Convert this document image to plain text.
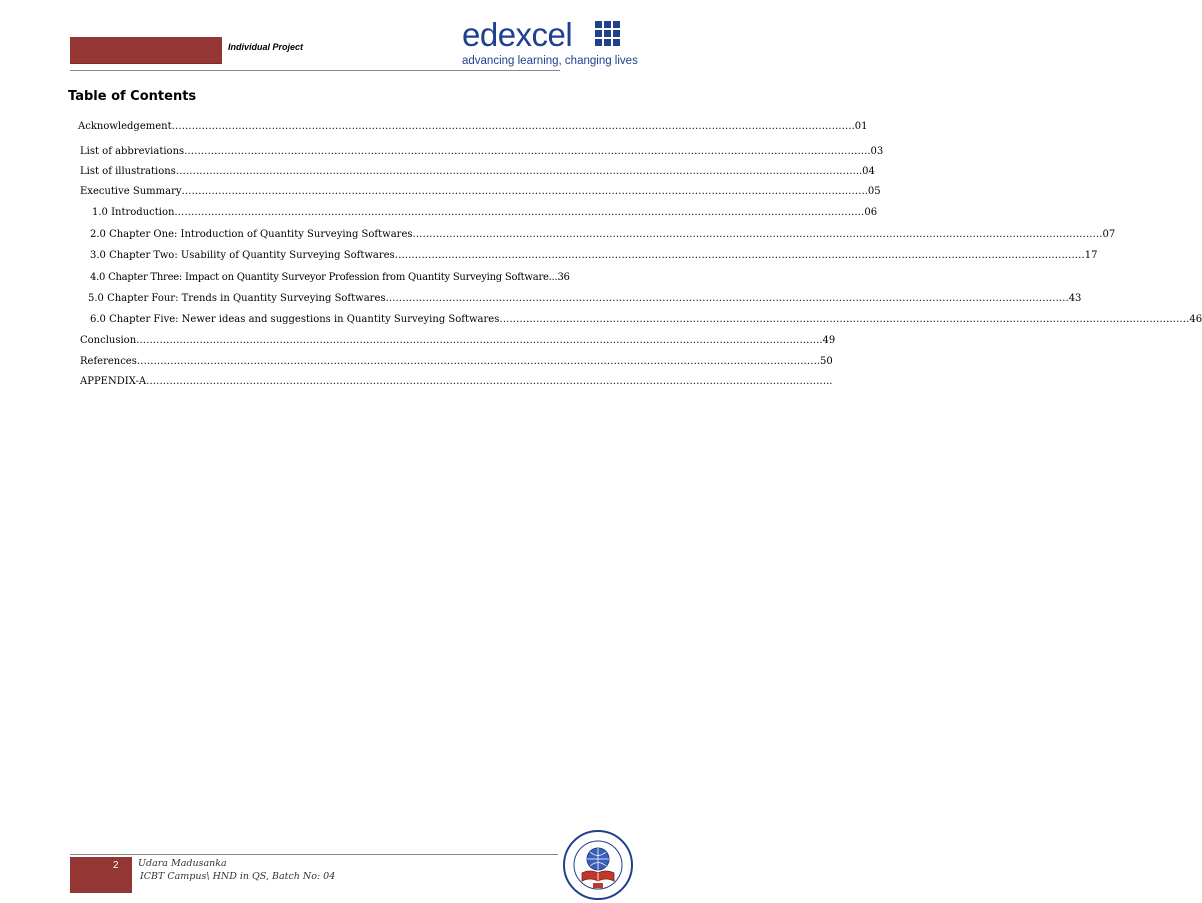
Individual Project	edexcel
advancing learning, changing lives
Table of Contents
Acknowledgement ……………………………………………………………………………………………………………………………………………………………………………………	.01
List of abbreviations ……………………………………………………………………………………………………………………………………………………………………………………	..03
List of illustrations ……………………………………………………………………………………………………………………………………………………………………………………	..04
Executive Summary ……………………………………………………………………………………………………………………………………………………………………………………	..05
1.0 Introduction ……………………………………………………………………………………………………………………………………………………………………………………	…06
2.0 Chapter One: Introduction of Quantity Surveying Softwares ……………………………………………………………………………………………………………………………………………………………………………………	…07
3.0 Chapter Two: Usability of Quantity Surveying Softwares ……………………………………………………………………………………………………………………………………………………………………………………	…17
4.0 Chapter Three: Impact on Quantity Surveyor Profession from Quantity Surveying Software ...36
5.0 Chapter Four: Trends in Quantity Surveying Softwares ……………………………………………………………………………………………………………………………………………………………………………………	.43
6.0 Chapter Five: Newer ideas and suggestions in Quantity Surveying Softwares ……………………………………………………………………………………………………………………………………………………………………………………	…46
Conclusion ……………………………………………………………………………………………………………………………………………………………………………………	..49
References ……………………………………………………………………………………………………………………………………………………………………………………	.50
APPENDIX-A ……………………………………………………………………………………………………………………………………………………………………………………	..
2 Udara Madusanka
ICBT Campus\ HND in QS, Batch No: 04
